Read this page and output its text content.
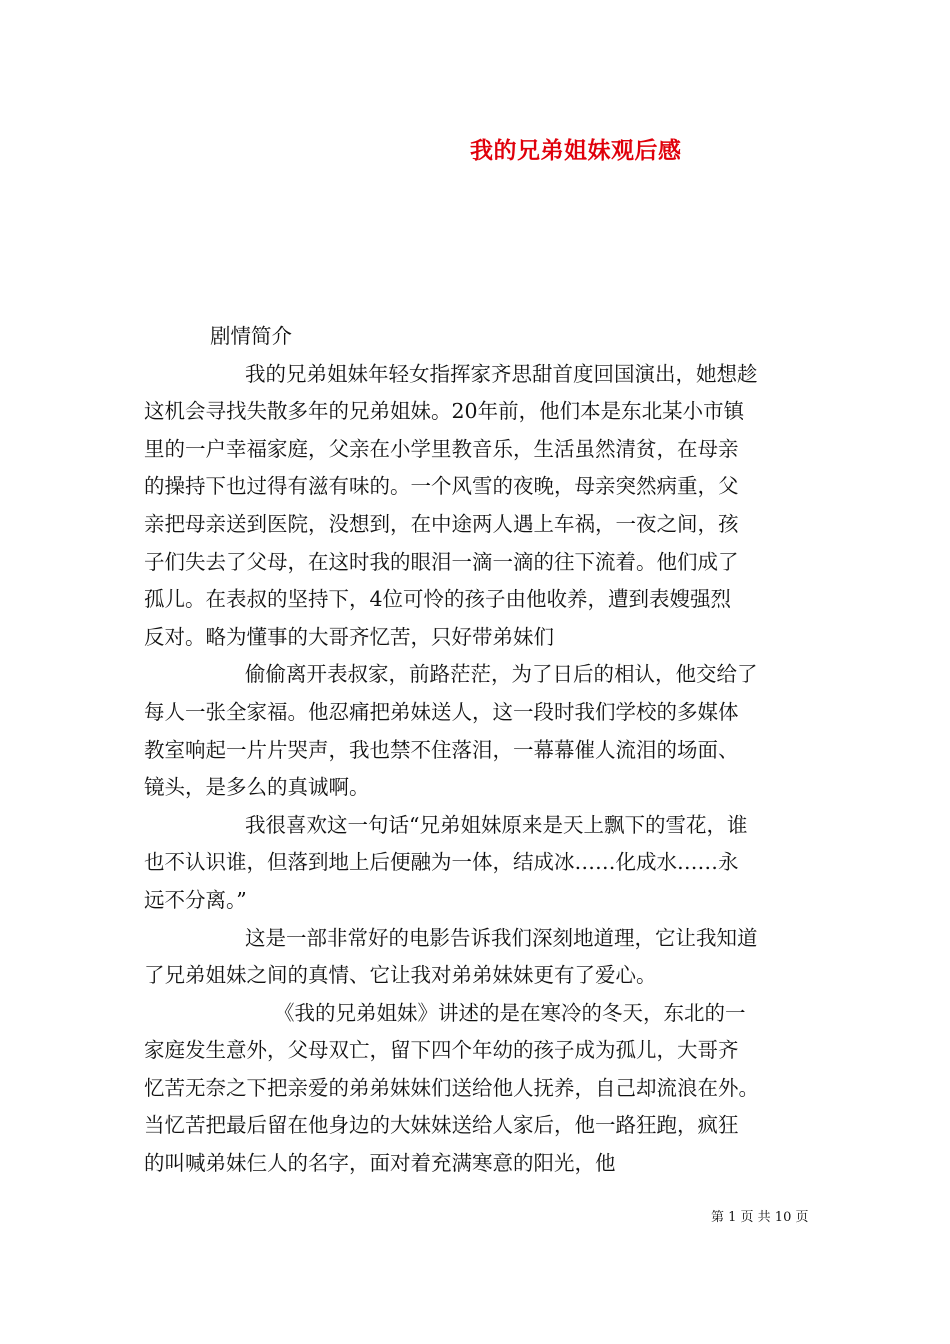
我的兄弟姐妹观后感
剧情简介
我的兄弟姐妹年轻女指挥家齐思甜首度回国演出，她想趁
这机会寻找失散多年的兄弟姐妹。20年前，他们本是东北某小市镇
里的一户幸福家庭，父亲在小学里教音乐，生活虽然清贫，在母亲
的操持下也过得有滋有味的。一个风雪的夜晚，母亲突然病重，父
亲把母亲送到医院，没想到，在中途两人遇上车祸，一夜之间，孩
子们失去了父母，在这时我的眼泪一滴一滴的往下流着。他们成了
孤儿。在表叔的坚持下，4位可怜的孩子由他收养，遭到表嫂强烈
反对。略为懂事的大哥齐忆苦，只好带弟妹们
偷偷离开表叔家，前路茫茫，为了日后的相认，他交给了
每人一张全家福。他忍痛把弟妹送人，这一段时我们学校的多媒体
教室响起一片片哭声，我也禁不住落泪，一幕幕催人流泪的场面、
镜头，是多么的真诚啊。
我很喜欢这一句话“兄弟姐妹原来是天上飘下的雪花，谁
也不认识谁，但落到地上后便融为一体，结成冰……化成水……永
远不分离。”
这是一部非常好的电影告诉我们深刻地道理，它让我知道
了兄弟姐妹之间的真情、它让我对弟弟妹妹更有了爱心。
《我的兄弟姐妹》讲述的是在寒冷的冬天，东北的一
家庭发生意外，父母双亡，留下四个年幼的孩子成为孤儿，大哥齐
忆苦无奈之下把亲爱的弟弟妹妹们送给他人抚养，自己却流浪在外。
当忆苦把最后留在他身边的大妹妹送给人家后，他一路狂跑，疯狂
的叫喊弟妹仨人的名字，面对着充满寒意的阳光，他
第 1 页 共 10 页
